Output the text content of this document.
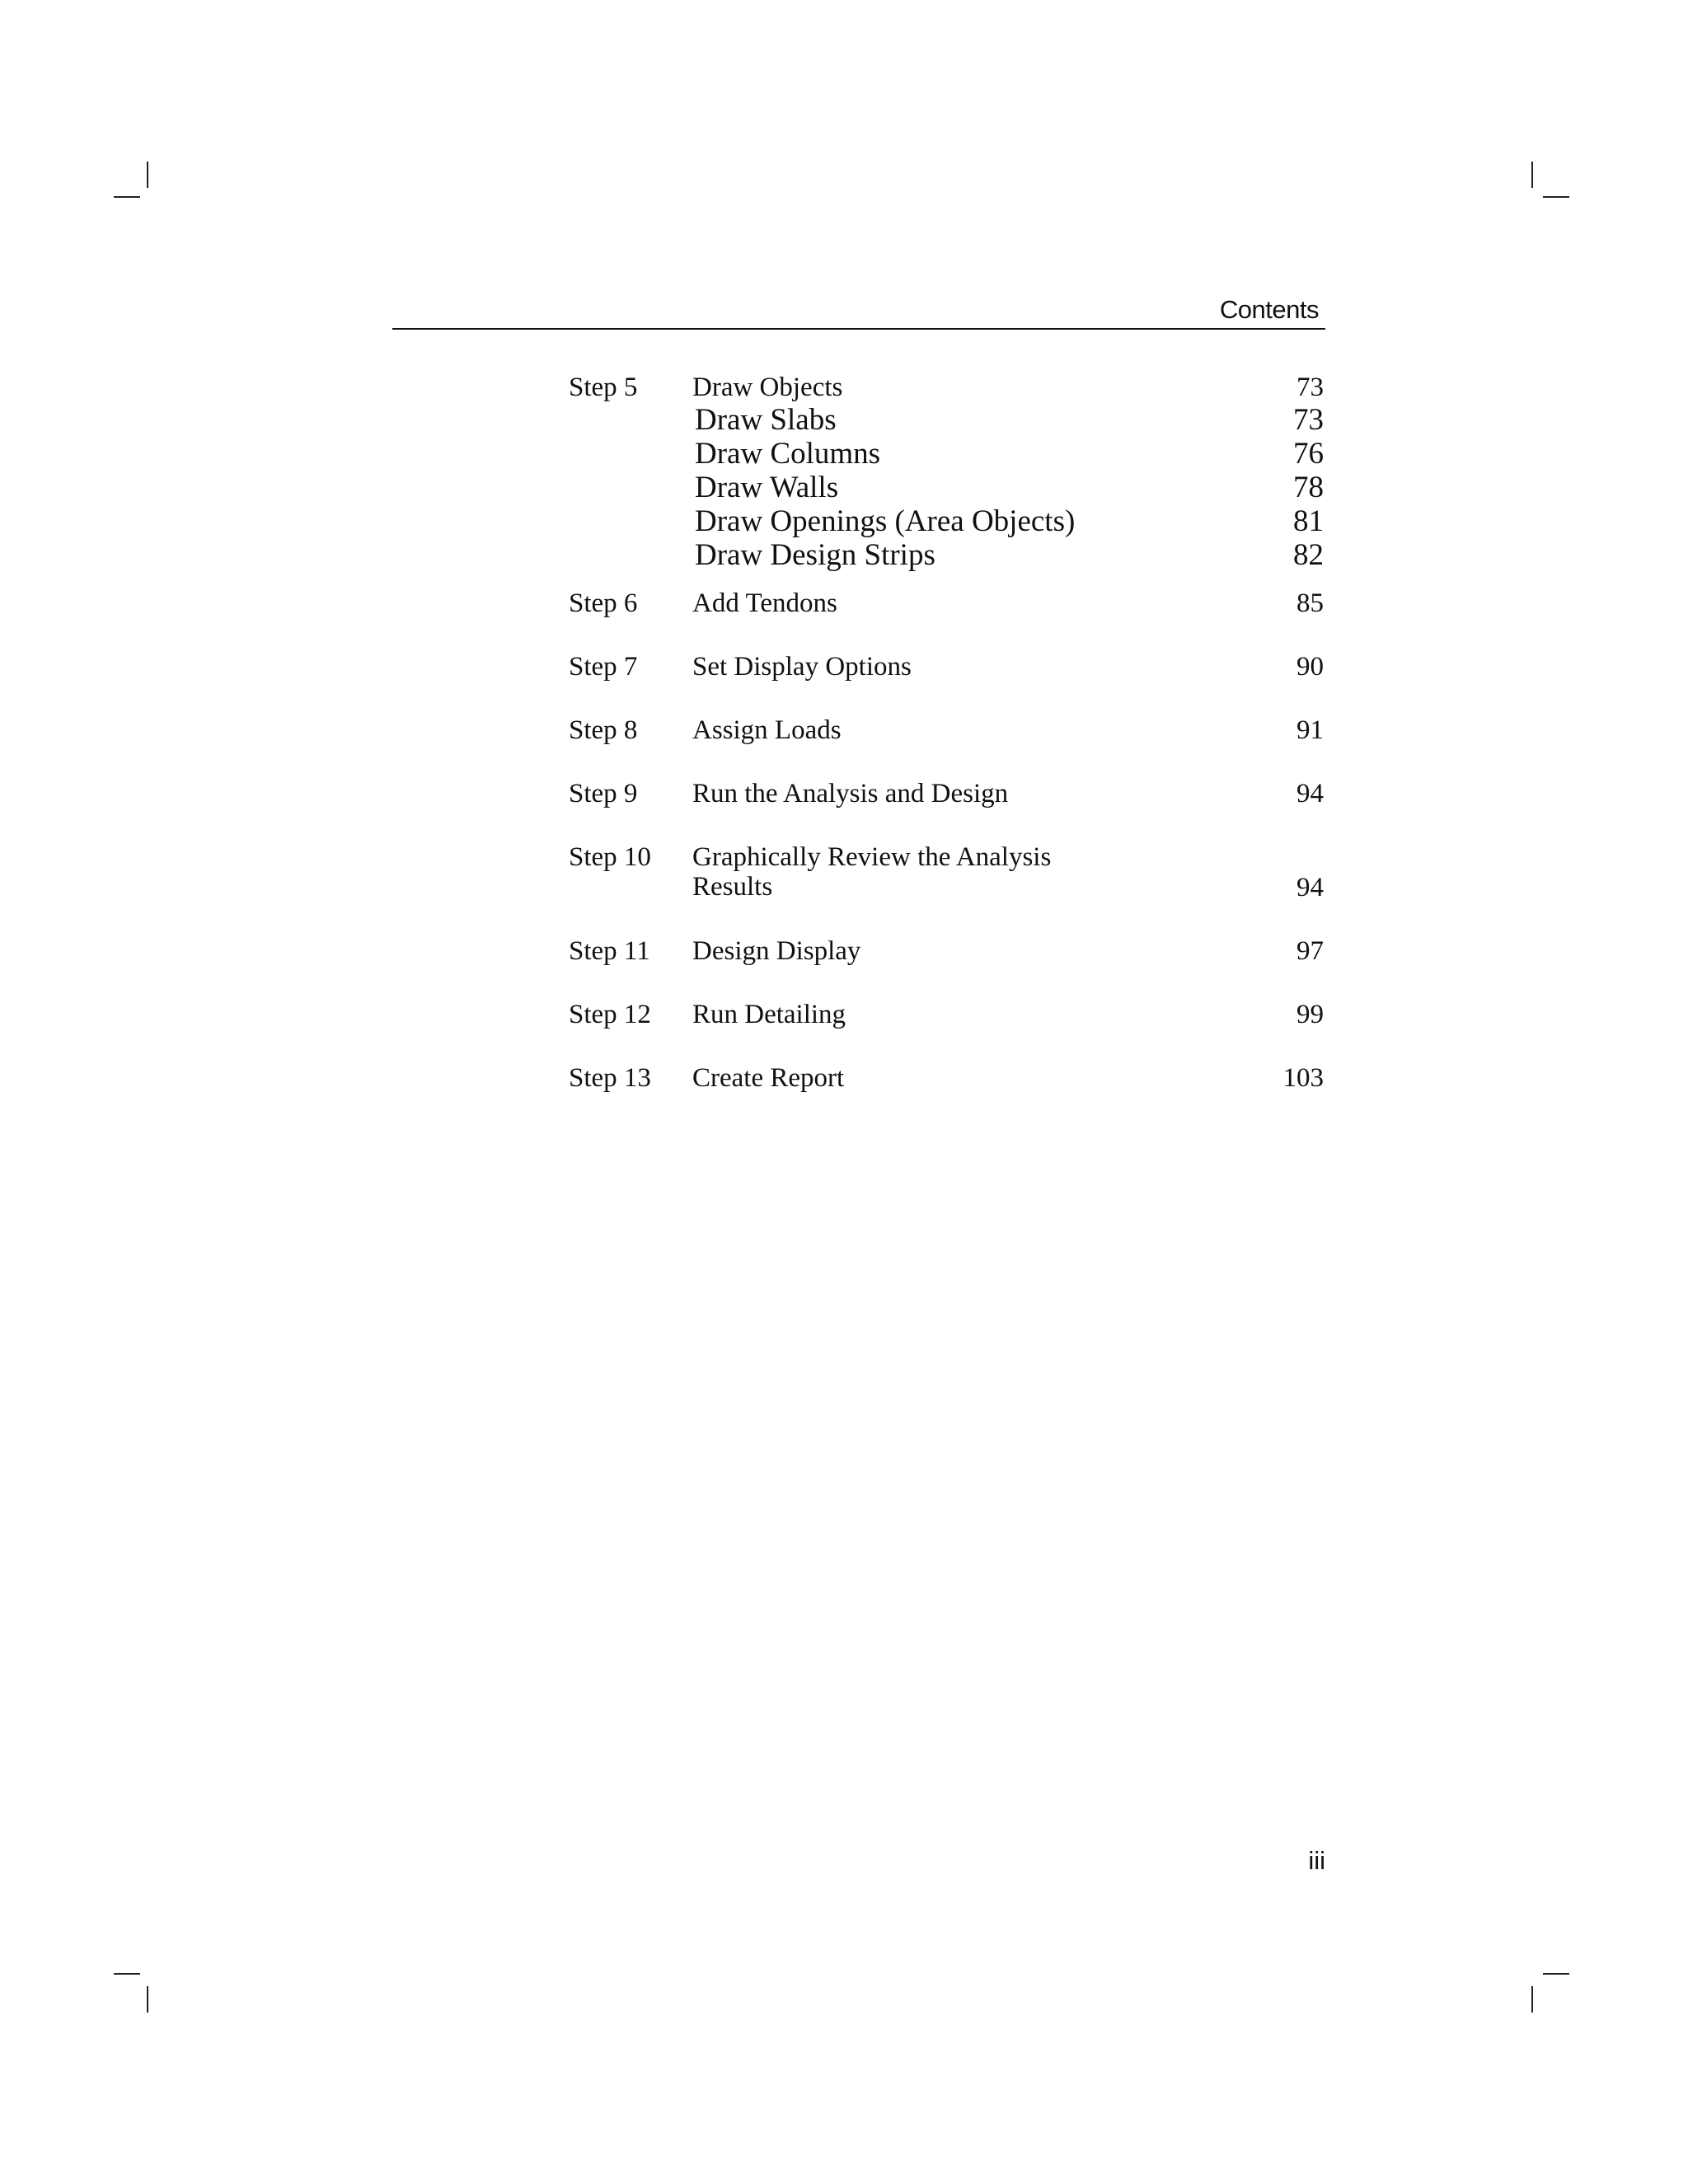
Contents
Step 5 Draw Objects	73
Draw Slabs	73
Draw Columns	76
Draw Walls	78
Draw Openings (Area Objects)	81
Draw Design Strips	82
Step 6 Add Tendons	85
Step 7 Set Display Options	90
Step 8 Assign Loads	91
Step 9 Run the Analysis and Design	94
Step 10 Graphically Review the Analysis Results	94
Step 11 Design Display	97
Step 12 Run Detailing	99
Step 13 Create Report	103
iii
